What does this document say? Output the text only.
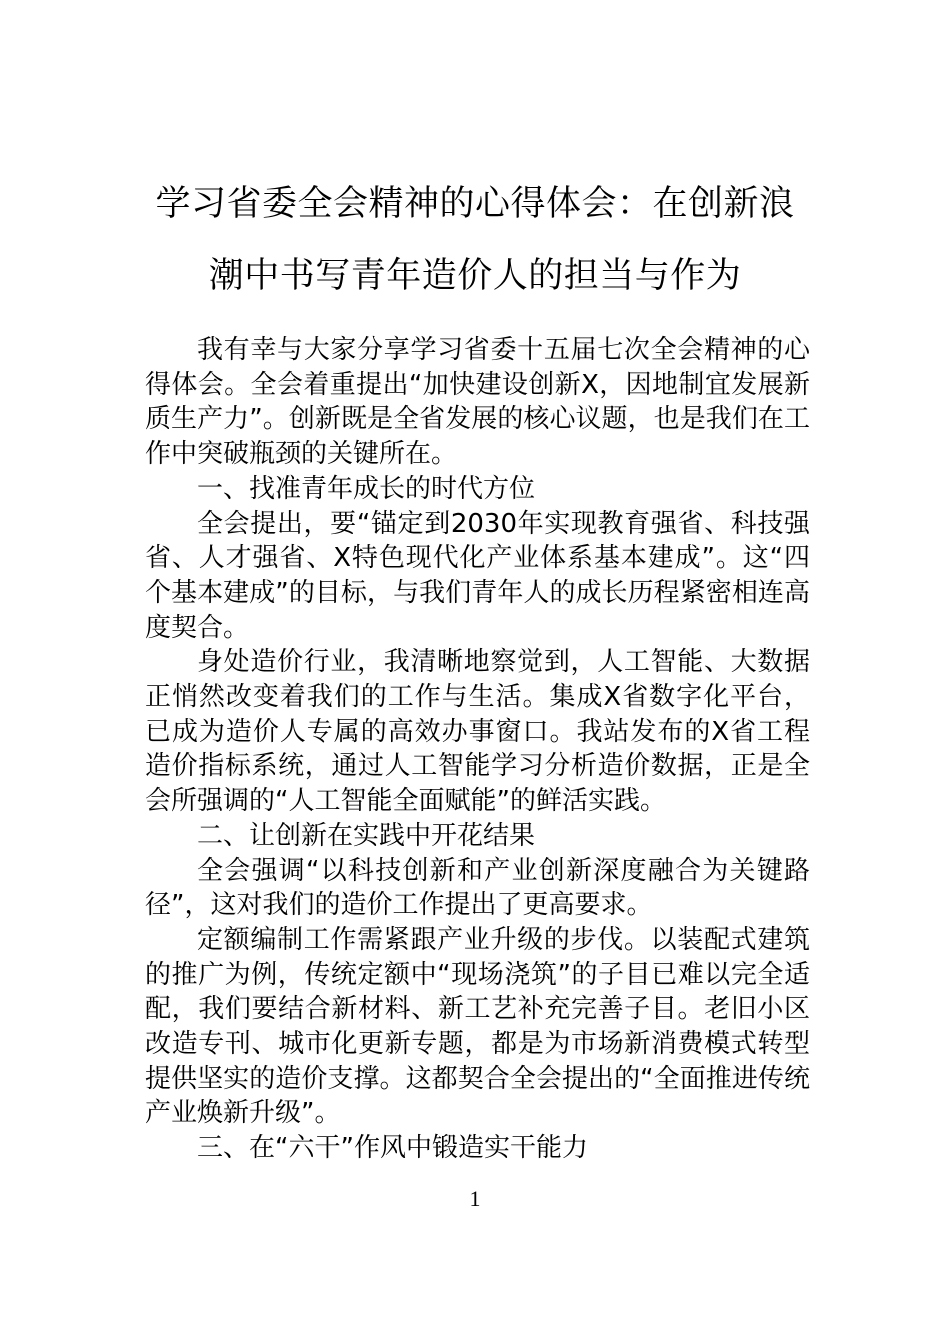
学习省委全会精神的心得体会：在创新浪
潮中书写青年造价人的担当与作为

我有幸与大家分享学习省委十五届七次全会精神的心得体会。全会着重提出“加快建设创新X，因地制宜发展新质生产力”。创新既是全省发展的核心议题，也是我们在工作中突破瓶颈的关键所在。

一、找准青年成长的时代方位

全会提出，要“锚定到2030年实现教育强省、科技强省、人才强省、X特色现代化产业体系基本建成”。这“四个基本建成”的目标，与我们青年人的成长历程紧密相连高度契合。

身处造价行业，我清晰地察觉到，人工智能、大数据正悄然改变着我们的工作与生活。集成X省数字化平台，已成为造价人专属的高效办事窗口。我站发布的X省工程造价指标系统，通过人工智能学习分析造价数据，正是全会所强调的“人工智能全面赋能”的鲜活实践。

二、让创新在实践中开花结果

全会强调“以科技创新和产业创新深度融合为关键路径”，这对我们的造价工作提出了更高要求。

定额编制工作需紧跟产业升级的步伐。以装配式建筑的推广为例，传统定额中“现场浇筑”的子目已难以完全适配，我们要结合新材料、新工艺补充完善子目。老旧小区改造专刊、城市化更新专题，都是为市场新消费模式转型提供坚实的造价支撑。这都契合全会提出的“全面推进传统产业焕新升级”。

三、在“六干”作风中锻造实干能力

1
